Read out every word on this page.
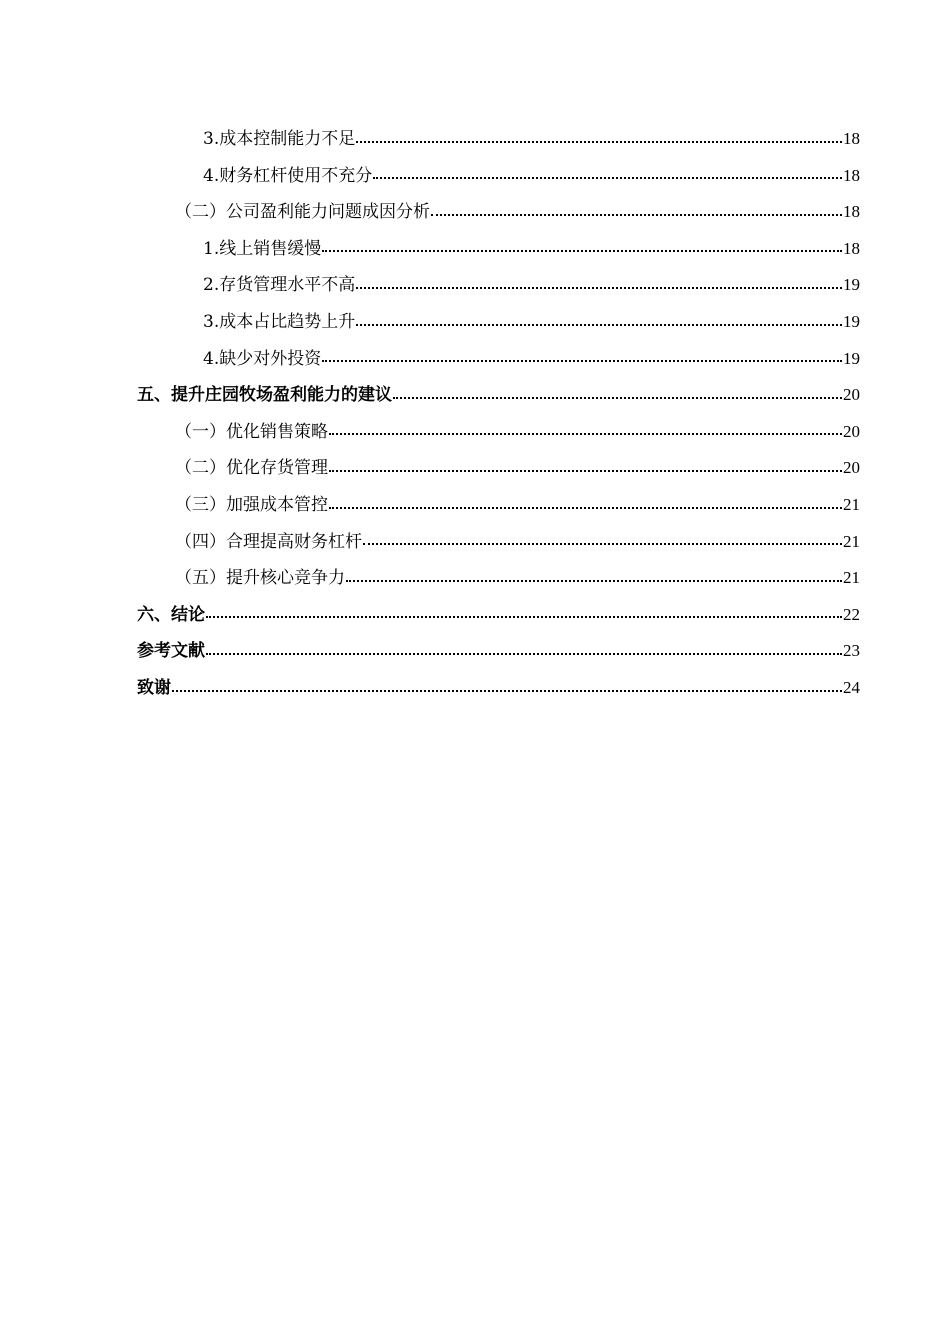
3.成本控制能力不足	18
4.财务杠杆使用不充分	18
（二）公司盈利能力问题成因分析	18
1.线上销售缓慢	18
2.存货管理水平不高	19
3.成本占比趋势上升	19
4.缺少对外投资	19
五、提升庄园牧场盈利能力的建议	20
（一）优化销售策略	20
（二）优化存货管理	20
（三）加强成本管控	21
（四）合理提高财务杠杆	21
（五）提升核心竞争力	21
六、结论	22
参考文献	23
致谢	24
